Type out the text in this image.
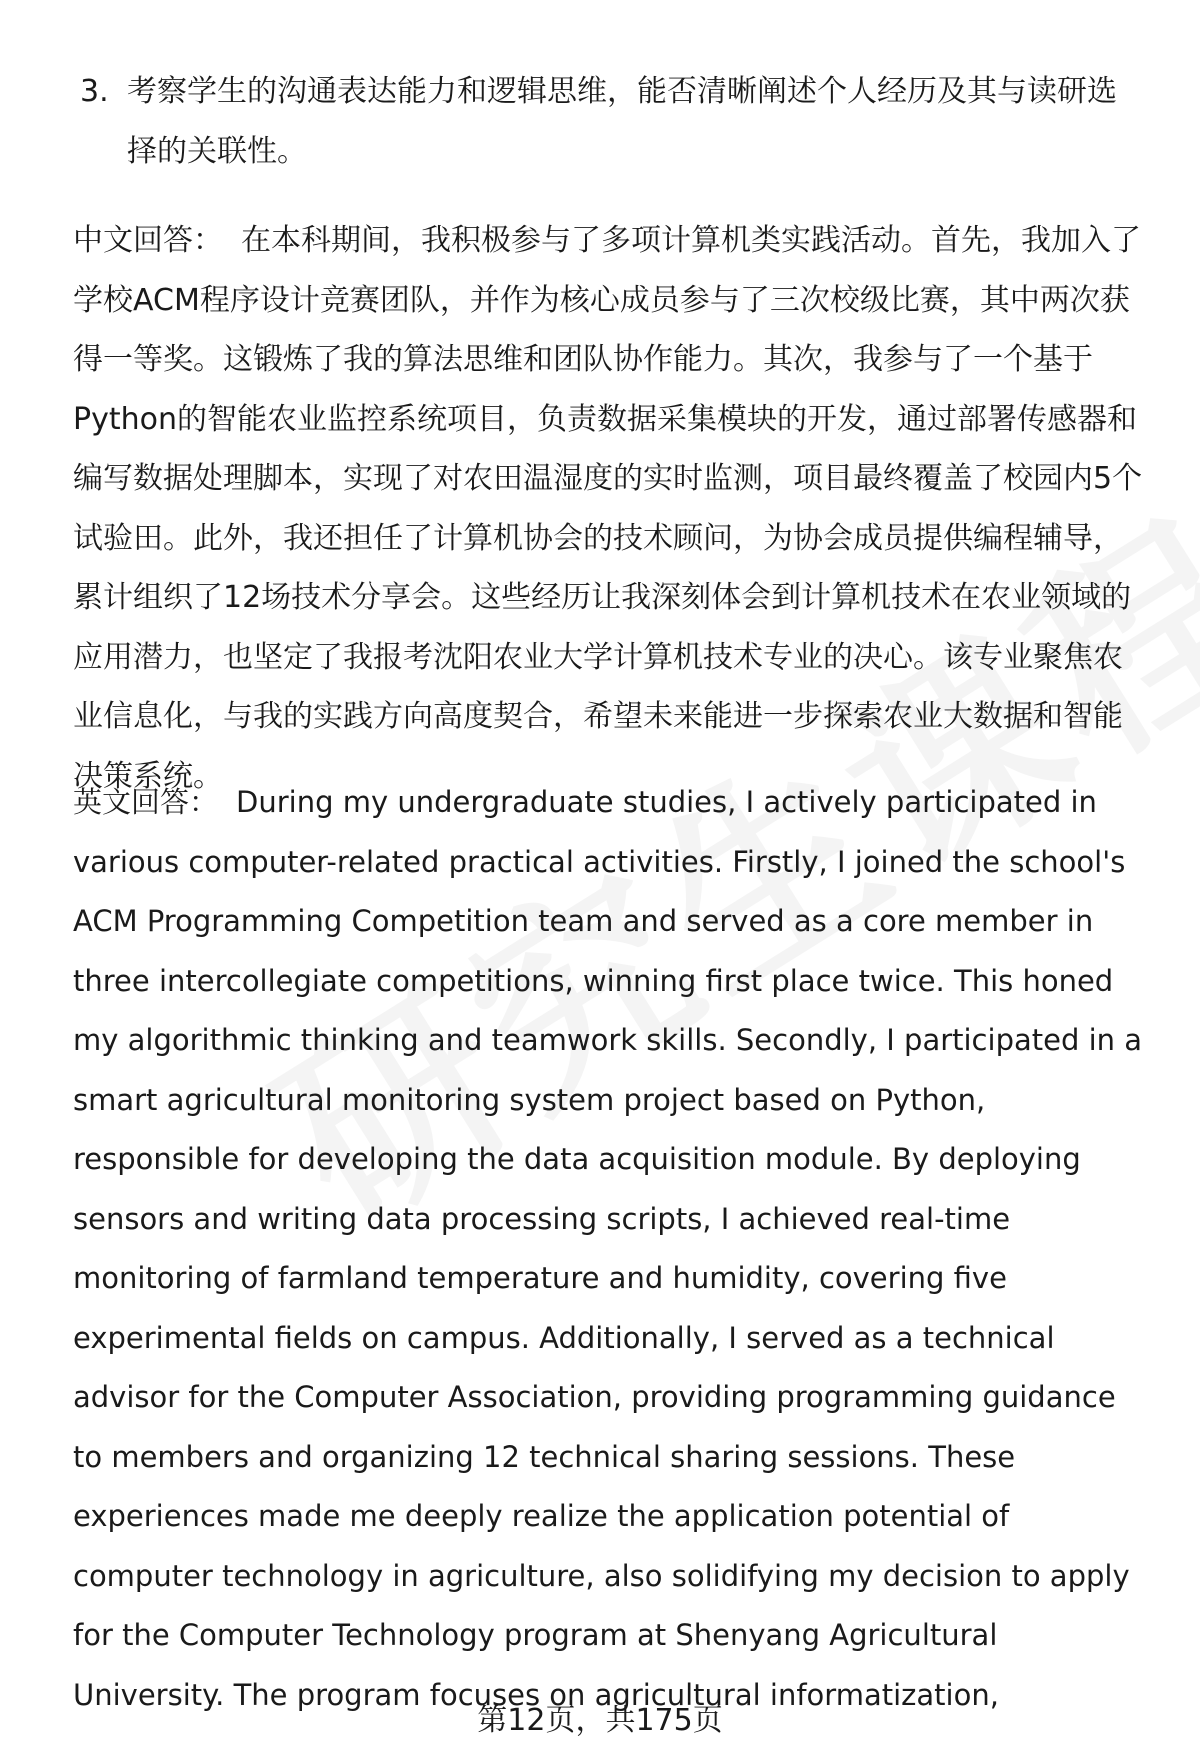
3. 考察学生的沟通表达能力和逻辑思维，能否清晰阐述个人经历及其与读研选择的关联性。

中文回答： 在本科期间，我积极参与了多项计算机类实践活动。首先，我加入了学校ACM程序设计竞赛团队，并作为核心成员参与了三次校级比赛，其中两次获得一等奖。这锻炼了我的算法思维和团队协作能力。其次，我参与了一个基于Python的智能农业监控系统项目，负责数据采集模块的开发，通过部署传感器和编写数据处理脚本，实现了对农田温湿度的实时监测，项目最终覆盖了校园内5个试验田。此外，我还担任了计算机协会的技术顾问，为协会成员提供编程辅导，累计组织了12场技术分享会。这些经历让我深刻体会到计算机技术在农业领域的应用潜力，也坚定了我报考沈阳农业大学计算机技术专业的决心。该专业聚焦农业信息化，与我的实践方向高度契合，希望未来能进一步探索农业大数据和智能决策系统。

英文回答： During my undergraduate studies, I actively participated in various computer-related practical activities. Firstly, I joined the school's ACM Programming Competition team and served as a core member in three intercollegiate competitions, winning first place twice. This honed my algorithmic thinking and teamwork skills. Secondly, I participated in a smart agricultural monitoring system project based on Python, responsible for developing the data acquisition module. By deploying sensors and writing data processing scripts, I achieved real-time monitoring of farmland temperature and humidity, covering five experimental fields on campus. Additionally, I served as a technical advisor for the Computer Association, providing programming guidance to members and organizing 12 technical sharing sessions. These experiences made me deeply realize the application potential of computer technology in agriculture, also solidifying my decision to apply for the Computer Technology program at Shenyang Agricultural University. The program focuses on agricultural informatization,

第12页，共175页
